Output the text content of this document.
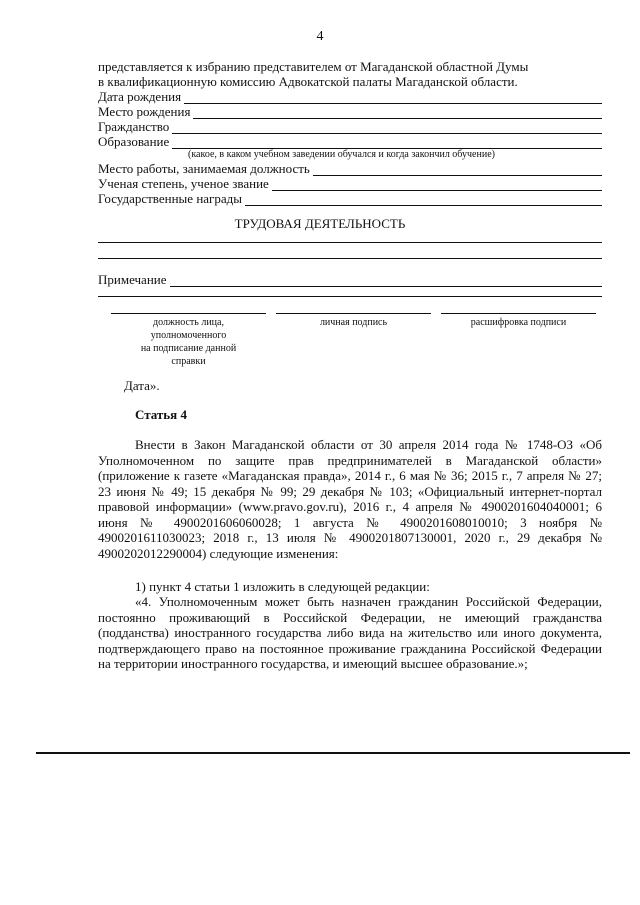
4
представляется к избранию представителем от Магаданской областной Думы
в квалификационную комиссию Адвокатской палаты Магаданской области.
Дата рождения
Место рождения
Гражданство
Образование
(какое, в каком учебном заведении обучался и когда закончил обучение)
Место работы, занимаемая должность
Ученая степень, ученое звание
Государственные награды
ТРУДОВАЯ ДЕЯТЕЛЬНОСТЬ
Примечание
должность лица,
уполномоченного
на подписание данной
справки
личная подпись	расшифровка подписи
Дата».
Статья 4
Внести в Закон Магаданской области от 30 апреля 2014 года № 1748-ОЗ «Об Уполномоченном по защите прав предпринимателей в Магаданской области» (приложение к газете «Магаданская правда», 2014 г., 6 мая № 36; 2015 г., 7 апреля № 27; 23 июня № 49; 15 декабря № 99; 29 декабря № 103; «Официальный интернет-портал правовой информации» (www.pravo.gov.ru), 2016 г., 4 апреля № 4900201604040001; 6 июня № 4900201606060028; 1 августа № 4900201608010010; 3 ноября № 4900201611030023; 2018 г., 13 июля № 4900201807130001, 2020 г., 29 декабря № 4900202012290004) следующие изменения:
1) пункт 4 статьи 1 изложить в следующей редакции:
«4. Уполномоченным может быть назначен гражданин Российской Федерации, постоянно проживающий в Российской Федерации, не имеющий гражданства (подданства) иностранного государства либо вида на жительство или иного документа, подтверждающего право на постоянное проживание гражданина Российской Федерации на территории иностранного государства, и имеющий высшее образование.»;
